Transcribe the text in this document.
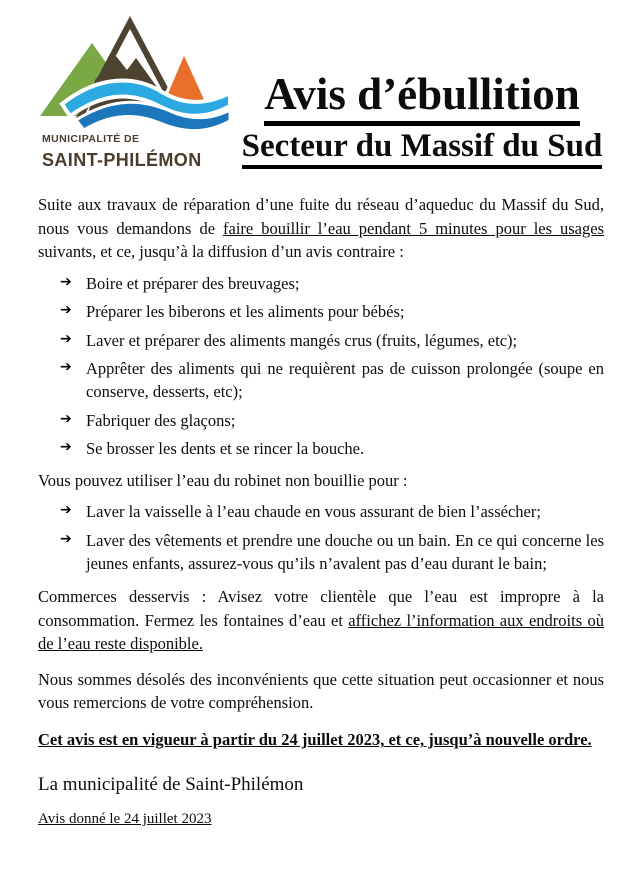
MUNICIPALITÉ DE
SAINT-PHILÉMON
Avis d’ébullition
Secteur du Massif du Sud

Suite aux travaux de réparation d’une fuite du réseau d’aqueduc du Massif du Sud, nous vous demandons de faire bouillir l’eau pendant 5 minutes pour les usages suivants, et ce, jusqu’à la diffusion d’un avis contraire :

➔ Boire et préparer des breuvages;
➔ Préparer les biberons et les aliments pour bébés;
➔ Laver et préparer des aliments mangés crus (fruits, légumes, etc);
➔ Apprêter des aliments qui ne requièrent pas de cuisson prolongée (soupe en conserve, desserts, etc);
➔ Fabriquer des glaçons;
➔ Se brosser les dents et se rincer la bouche.

Vous pouvez utiliser l’eau du robinet non bouillie pour :

➔ Laver la vaisselle à l’eau chaude en vous assurant de bien l’assécher;
➔ Laver des vêtements et prendre une douche ou un bain. En ce qui concerne les jeunes enfants, assurez-vous qu’ils n’avalent pas d’eau durant le bain;

Commerces desservis : Avisez votre clientèle que l’eau est impropre à la consommation. Fermez les fontaines d’eau et affichez l’information aux endroits où de l’eau reste disponible.

Nous sommes désolés des inconvénients que cette situation peut occasionner et nous vous remercions de votre compréhension.

Cet avis est en vigueur à partir du 24 juillet 2023, et ce, jusqu’à nouvelle ordre.

La municipalité de Saint-Philémon

Avis donné le 24 juillet 2023
